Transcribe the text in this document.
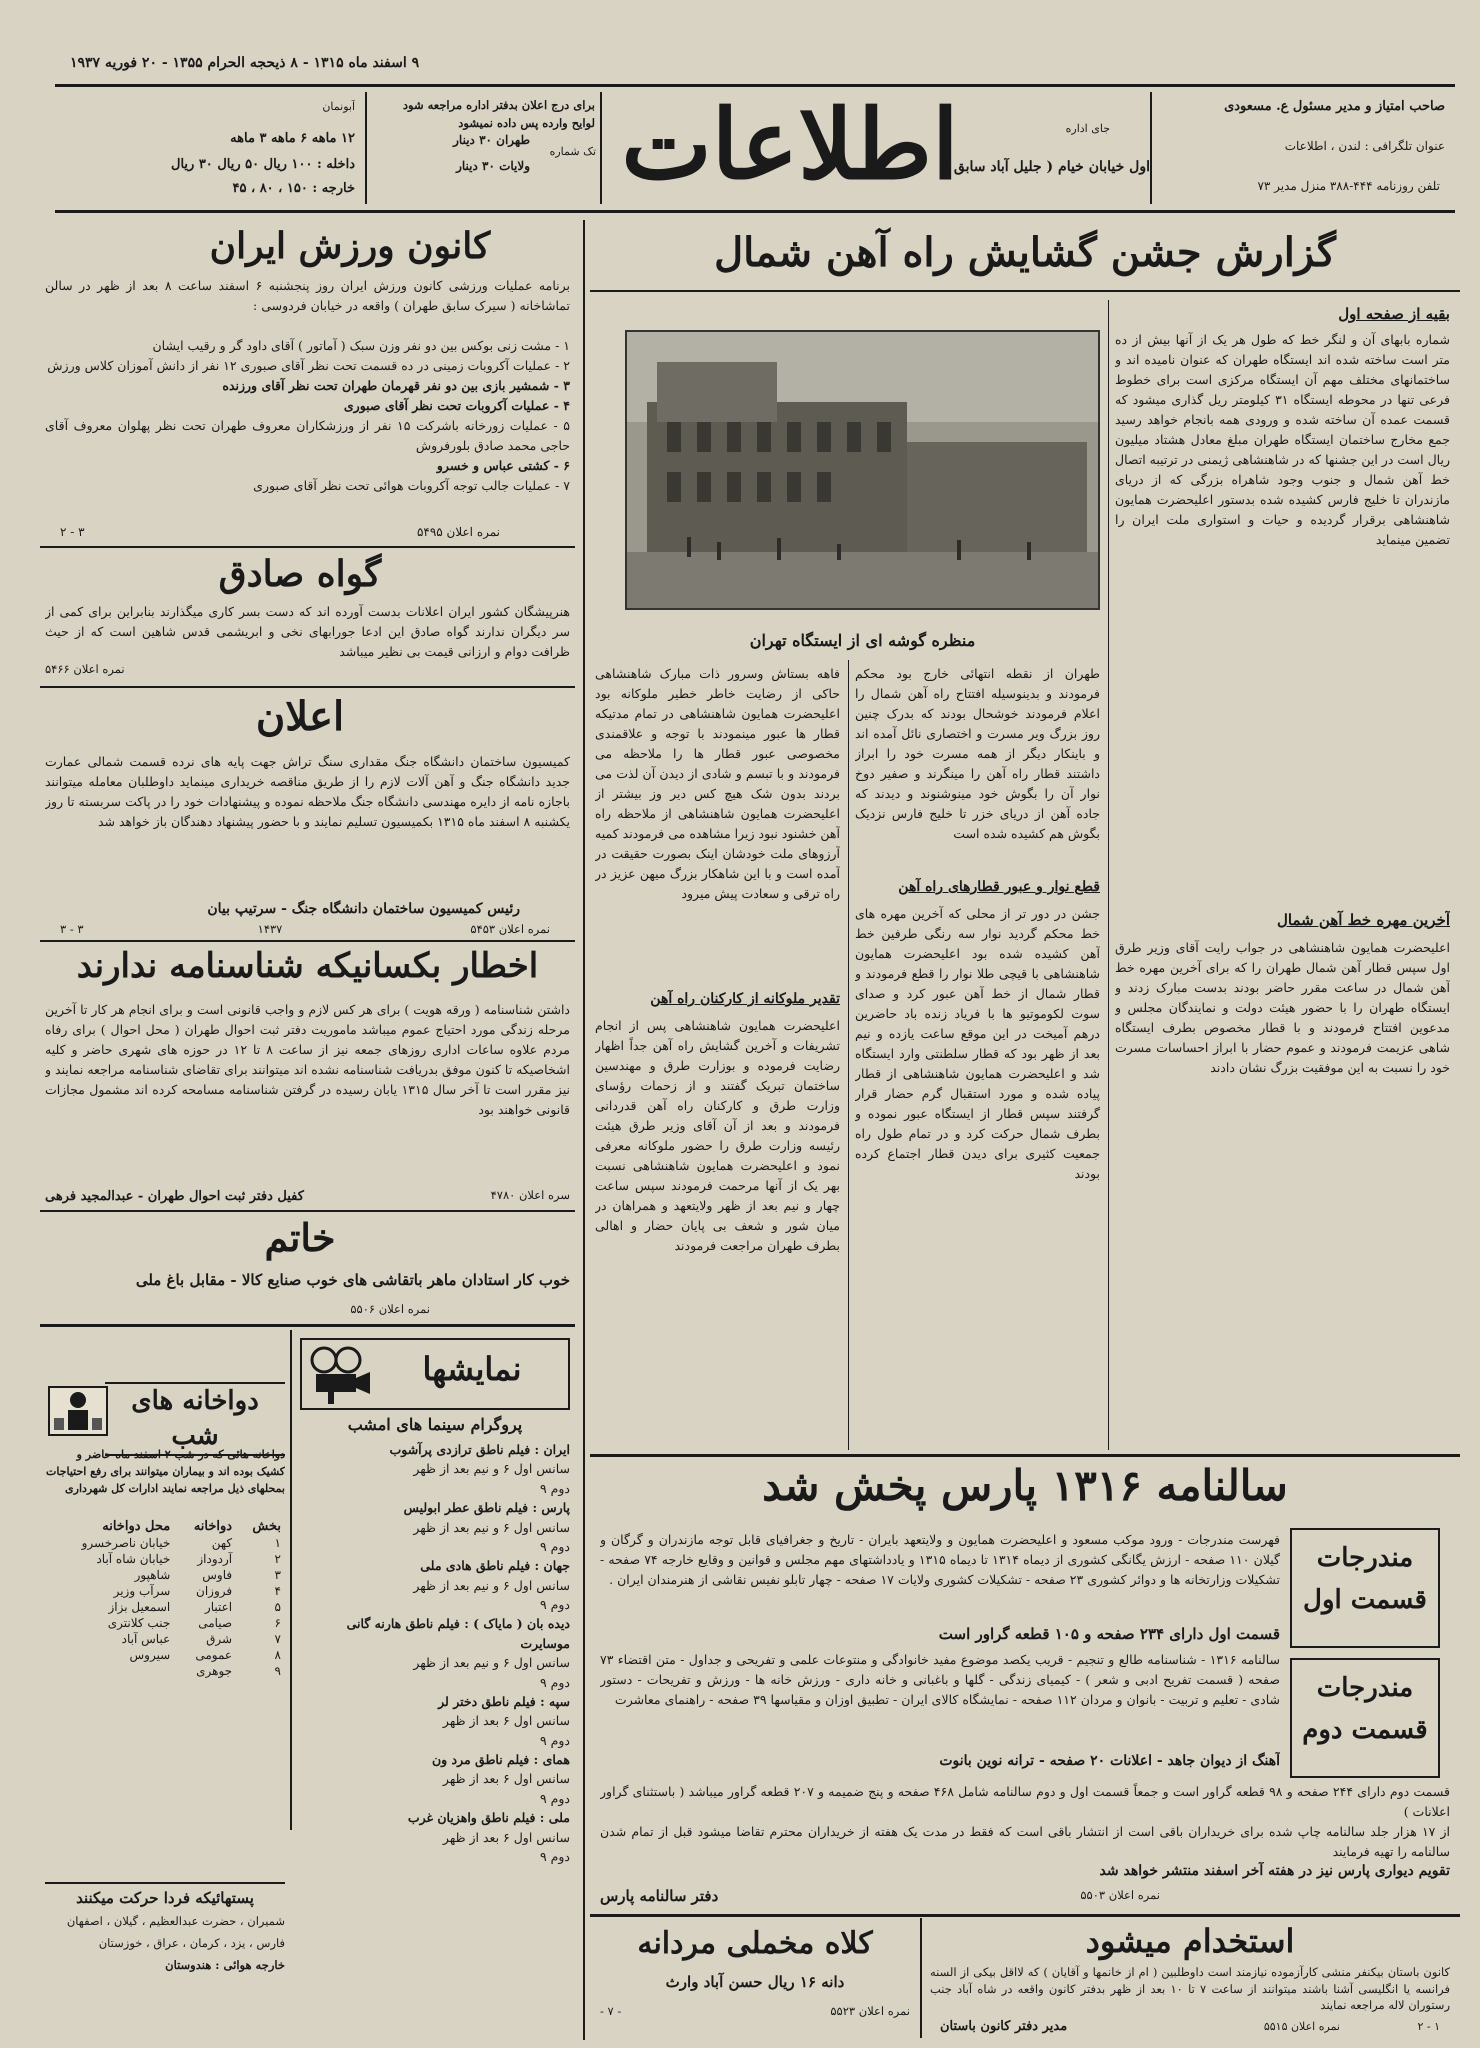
۹ اسفند ماه ۱۳۱۵ - ۸ ذیحجه الحرام ۱۳۵۵ - ۲۰ فوریه ۱۹۳۷
صاحب امتیاز و مدیر مسئول ع. مسعودی
عنوان تلگرافی : لندن ، اطلاعات
تلفن روزنامه ۴۴۴-۳۸۸ منزل مدیر ۷۳
جای اداره
اطلاعات
اول خیابان خیام ( جلیل آباد سابق )
تک شماره
طهران ۳۰ دینار
ولایات ۳۰ دینار
برای درج اعلان بدفتر اداره مراجعه شود
لوایح وارده پس داده نمیشود
آبونمان
۱۲ ماهه ۶ ماهه ۳ ماهه
داخله : ۱۰۰ ریال ۵۰ ریال ۳۰ ریال
خارجه : ۱۵۰ ، ۸۰ ، ۴۵
کانون ورزش ایران
برنامه عملیات ورزشی کانون ورزش ایران روز پنجشنبه ۶ اسفند ساعت ۸ بعد از ظهر در سالن تماشاخانه ( سیرک سابق طهران ) واقعه در خیابان فردوسی :
۱ - مشت زنی بوکس بین دو نفر وزن سبک ( آماتور ) آقای داود گر و رقیب ایشان
۲ - عملیات آکروبات زمینی در ده قسمت تحت نظر آقای صبوری ۱۲ نفر از دانش آموزان کلاس ورزش
۳ - شمشیر بازی بین دو نفر قهرمان طهران تحت نظر آقای ورزنده
۴ - عملیات آکروبات تحت نظر آقای صبوری
۵ - عملیات زورخانه باشرکت ۱۵ نفر از ورزشکاران معروف طهران تحت نظر پهلوان معروف آقای حاجی محمد صادق بلورفروش
۶ - کشتی عباس و خسرو
۷ - عملیات جالب توجه آکروبات هوائی تحت نظر آقای صبوری
نمره اعلان ۵۴۹۵
۳ - ۲
گواه صادق
هنرپیشگان کشور ایران اعلانات بدست آورده اند که دست بسر کاری میگذارند بنابراین برای کمی از سر دیگران ندارند گواه صادق این ادعا جورابهای نخی و ابریشمی قدس شاهین است که از حیث ظرافت دوام و ارزانی قیمت بی نظیر میباشد
نمره اعلان ۵۴۶۶
اعلان
کمیسیون ساختمان دانشگاه جنگ مقداری سنگ تراش جهت پایه های نرده قسمت شمالی عمارت جدید دانشگاه جنگ و آهن آلات لازم را از طریق مناقصه خریداری مینماید داوطلبان معامله میتوانند باجازه نامه از دایره مهندسی دانشگاه جنگ ملاحظه نموده و پیشنهادات خود را در پاکت سربسته تا روز یکشنبه ۸ اسفند ماه ۱۳۱۵ بکمیسیون تسلیم نمایند و با حضور پیشنهاد دهندگان باز خواهد شد
رئیس کمیسیون ساختمان دانشگاه جنگ - سرتیپ بیان
نمره اعلان ۵۴۵۳
۱۴۳۷
۳ - ۳
اخطار بکسانیکه شناسنامه ندارند
داشتن شناسنامه ( ورقه هویت ) برای هر کس لازم و واجب قانونی است و برای انجام هر کار تا آخرین مرحله زندگی مورد احتیاج عموم میباشد ماموریت دفتر ثبت احوال طهران ( محل احوال ) برای رفاه مردم علاوه ساعات اداری روزهای جمعه نیز از ساعت ۸ تا ۱۲ در حوزه های شهری حاضر و کلیه اشخاصیکه تا کنون موفق بدریافت شناسنامه نشده اند میتوانند برای تقاضای شناسنامه مراجعه نمایند و نیز مقرر است تا آخر سال ۱۳۱۵ یابان رسیده در گرفتن شناسنامه مسامحه کرده اند مشمول مجازات قانونی خواهند بود
کفیل دفتر ثبت احوال طهران - عبدالمجید فرهی	سره اعلان ۴۷۸۰
خاتم
خوب کار استادان ماهر باتقاشی های خوب صنایع کالا - مقابل باغ ملی
نمره اعلان ۵۵۰۶
دواخانه های شب
دواخانه هائی که در شب ۲ اسفند ماه حاضر و کشیک بوده اند و بیماران میتوانند برای رفع احتیاجات بمحلهای ذیل مراجعه نمایند ادارات کل شهرداری
بخش	دواخانه	محل دواخانه
۱	کهن	خیابان ناصرخسرو
۲	آردوداز	خیابان شاه آباد
۳	فاوس	شاهپور
۴	فروزان	سرآب وزیر
۵	اعتبار	اسمعیل بزاز
۶	صیامی	جنب کلانتری
۷	شرق	عباس آباد
۸	عمومی	سیروس
۹	جوهری	
پستهائیکه فردا حرکت میکنند
شمیران ، حضرت عبدالعظیم ، گیلان ، اصفهان
فارس ، یزد ، کرمان ، عراق ، خوزستان
خارجه هوائی : هندوستان
نمایشها
پروگرام سینما های امشب
ایران : فیلم ناطق ترازدی پرآشوب
سانس اول ۶ و نیم بعد از ظهر
دوم ۹
پارس : فیلم ناطق عطر ابولیس
سانس اول ۶ و نیم بعد از ظهر
دوم ۹
جهان : فیلم ناطق هادی ملی
سانس اول ۶ و نیم بعد از ظهر
دوم ۹
دیده بان ( مایاک ) : فیلم ناطق هارنه گانی موسایرت
سانس اول ۶ و نیم بعد از ظهر
دوم ۹
سپه : فیلم ناطق دختر لر
سانس اول ۶ بعد از ظهر
دوم ۹
همای : فیلم ناطق مرد ون
سانس اول ۶ بعد از ظهر
دوم ۹
ملی : فیلم ناطق واهزیان غرب
سانس اول ۶ بعد از ظهر
دوم ۹
گزارش جشن گشایش راه آهن شمال
منظره گوشه ای از ایستگاه تهران
بقیه از صفحه اول
شماره بابهای آن و لنگر خط که طول هر یک از آنها بیش از ده متر است ساخته شده اند ایستگاه طهران که عنوان نامیده اند و ساختمانهای مختلف مهم آن ایستگاه مرکزی است برای خطوط فرعی تنها در محوطه ایستگاه ۳۱ کیلومتر ریل گذاری میشود که قسمت عمده آن ساخته شده و ورودی همه بانجام خواهد رسید جمع مخارج ساختمان ایستگاه طهران مبلغ معادل هشتاد میلیون ریال است در این جشنها که در شاهنشاهی ژیمنی در ترتیبه اتصال خط آهن شمال و جنوب وجود شاهراه بزرگی که از دریای مازندران تا خلیج فارس کشیده شده بدستور اعلیحضرت همایون شاهنشاهی برقرار گردیده و حیات و استواری ملت ایران را تضمین مینماید
آخرین مهره خط آهن شمال
اعلیحضرت همایون شاهنشاهی در جواب رایت آقای وزیر طرق اول سپس قطار آهن شمال طهران را که برای آخرین مهره خط آهن شمال در ساعت مقرر حاضر بودند بدست مبارک زدند و ایستگاه طهران را با حضور هیئت دولت و نمایندگان مجلس و مدعوین افتتاح فرمودند و با قطار مخصوص بطرف ایستگاه شاهی عزیمت فرمودند و عموم حضار با ابراز احساسات مسرت خود را نسبت به این موفقیت بزرگ نشان دادند
طهران از نقطه انتهائی خارج بود محکم فرمودند و بدینوسیله افتتاح راه آهن شمال را اعلام فرمودند خوشحال بودند که بدرک چنین روز بزرگ ویر مسرت و اختصاری نائل آمده اند و باینکار دیگر از همه مسرت خود را ابراز داشتند قطار راه آهن را مینگرند و صفیر دوخ نوار آن را بگوش خود مینوشنوند و دیدند که جاده آهن از دریای خزر تا خلیج فارس نزدیک بگوش هم کشیده شده است
قطع نوار و عبور قطارهای راه آهن
جشن در دور تر از محلی که آخرین مهره های خط محکم گردید نوار سه رنگی طرفین خط آهن کشیده شده بود اعلیحضرت همایون شاهنشاهی با قیچی طلا نوار را قطع فرمودند و قطار شمال از خط آهن عبور کرد و صدای سوت لکوموتیو ها با فریاد زنده باد حاضرین درهم آمیخت در این موقع ساعت یازده و نیم بعد از ظهر بود که قطار سلطنتی وارد ایستگاه شد و اعلیحضرت همایون شاهنشاهی از قطار پیاده شده و مورد استقبال گرم حضار قرار گرفتند سپس قطار از ایستگاه عبور نموده و بطرف شمال حرکت کرد و در تمام طول راه جمعیت کثیری برای دیدن قطار اجتماع کرده بودند
فاهه بستاش وسرور ذات مبارک شاهنشاهی حاکی از رضایت خاطر خطیر ملوکانه بود اعلیحضرت همایون شاهنشاهی در تمام مدتیکه قطار ها عبور مینمودند با توجه و علاقمندی مخصوصی عبور قطار ها را ملاحظه می فرمودند و با تبسم و شادی از دیدن آن لذت می بردند بدون شک هیچ کس دیر وز بیشتر از اعلیحضرت همایون شاهنشاهی از ملاحظه راه آهن خشنود نبود زیرا مشاهده می فرمودند کمیه آرزوهای ملت خودشان اینک بصورت حقیقت در آمده است و با این شاهکار بزرگ میهن عزیز در راه ترقی و سعادت پیش میرود
تقدیر ملوکانه از کارکنان راه آهن
اعلیحضرت همایون شاهنشاهی پس از انجام تشریفات و آخرین گشایش راه آهن جداً اظهار رضایت فرموده و بوزارت طرق و مهندسین ساختمان تبریک گفتند و از زحمات رؤسای وزارت طرق و کارکنان راه آهن قدردانی فرمودند و بعد از آن آقای وزیر طرق هیئت رئیسه وزارت طرق را حضور ملوکانه معرفی نمود و اعلیحضرت همایون شاهنشاهی نسبت بهر یک از آنها مرحمت فرمودند سپس ساعت چهار و نیم بعد از ظهر ولایتعهد و همراهان در میان شور و شعف بی پایان حضار و اهالی بطرف طهران مراجعت فرمودند
سالنامه ۱۳۱۶ پارس پخش شد
مندرجات قسمت اول
مندرجات قسمت دوم
فهرست مندرجات - ورود موکب مسعود و اعلیحضرت همایون و ولایتعهد بایران - تاریخ و جغرافیای قابل توجه مازندران و گرگان و گیلان ۱۱۰ صفحه - ارزش یگانگی کشوری از دیماه ۱۳۱۴ تا دیماه ۱۳۱۵ و یادداشتهای مهم مجلس و قوانین و وقایع خارجه ۷۴ صفحه - تشکیلات وزارتخانه ها و دوائر کشوری ۲۳ صفحه - تشکیلات کشوری ولایات ۱۷ صفحه - چهار تابلو نفیس نقاشی از هنرمندان ایران .
قسمت اول دارای ۲۳۴ صفحه و ۱۰۵ قطعه گراور است
سالنامه ۱۳۱۶ - شناسنامه طالع و تنجیم - قریب یکصد موضوع مفید خانوادگی و منتوعات علمی و تفریحی و جداول - متن اقتضاء ۷۳ صفحه ( قسمت تفریح ادبی و شعر ) - کیمیای زندگی - گلها و باغبانی و خانه داری - ورزش خانه ها - ورزش و تفریحات - دستور شادی - تعلیم و تربیت - بانوان و مردان ۱۱۲ صفحه - نمایشگاه کالای ایران - تطبیق اوزان و مقیاسها ۳۹ صفحه - راهنمای معاشرت
آهنگ از دیوان جاهد - اعلانات ۲۰ صفحه - ترانه نوین بانوت
قسمت دوم دارای ۲۴۴ صفحه و ۹۸ قطعه گراور است و جمعاً قسمت اول و دوم سالنامه شامل ۴۶۸ صفحه و پنج ضمیمه و ۲۰۷ قطعه گراور میباشد ( باستثنای گراور اعلانات )
از ۱۷ هزار جلد سالنامه چاپ شده برای خریداران باقی است از انتشار باقی است که فقط در مدت یک هفته از خریداران محترم تقاضا میشود قبل از تمام شدن سالنامه را تهیه فرمایند
تقویم دیواری پارس نیز در هفته آخر اسفند منتشر خواهد شد
دفتر سالنامه پارس	نمره اعلان ۵۵۰۳
کلاه مخملی مردانه
دانه ۱۶ ریال حسن آباد وارث
نمره اعلان ۵۵۲۳
- ۷ -
استخدام میشود
کانون باستان بیکنفر منشی کارآزموده نیازمند است داوطلبین ( ام از خانمها و آقایان ) که لااقل بیکی از السنه فرانسه یا انگلیسی آشنا باشند میتوانند از ساعت ۷ تا ۱۰ بعد از ظهر بدفتر کانون واقعه در شاه آباد جنب رستوران لاله مراجعه نمایند
مدیر دفتر کانون باستان	نمره اعلان ۵۵۱۵	۱ - ۲
